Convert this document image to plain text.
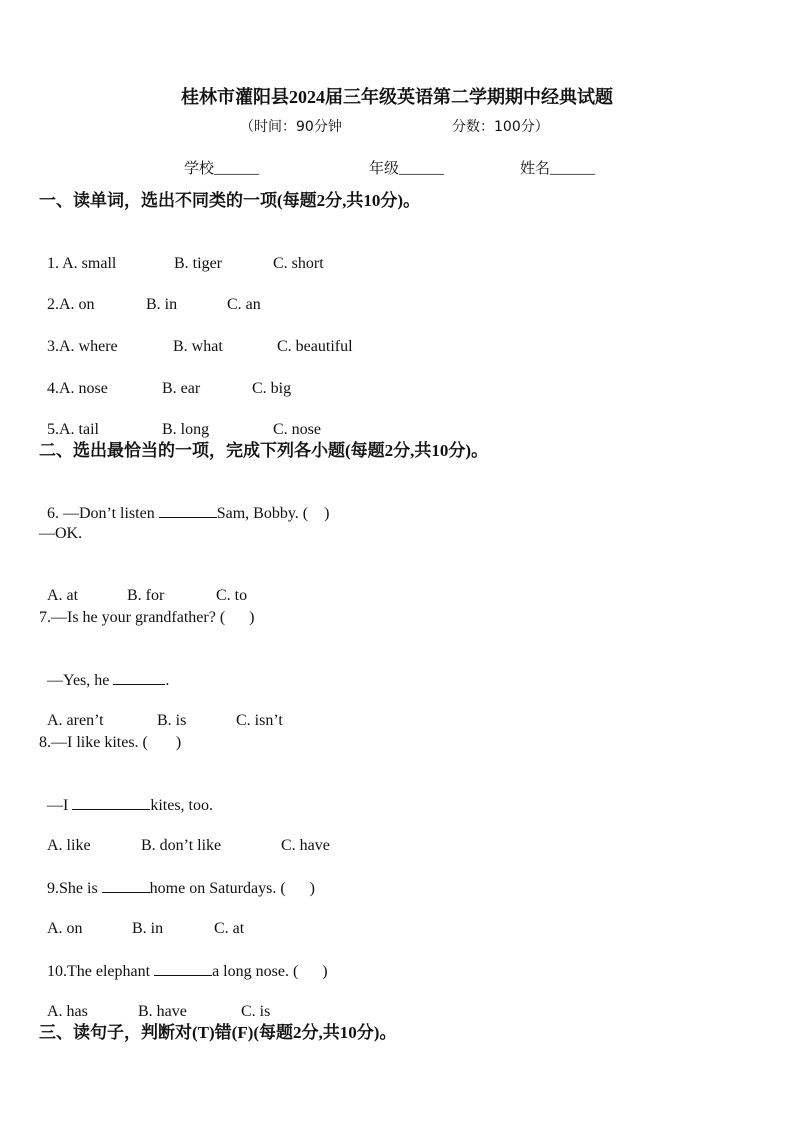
桂林市灌阳县2024届三年级英语第二学期期中经典试题
（时间：90分钟	分数：100分）
学校______	年级______	姓名______
一、读单词，选出不同类的一项(每题2分,共10分)。

1. A. small	B. tiger	C. short

2.A. on	B. in	C. an

3.A. where	B. what	C. beautiful

4.A. nose	B. ear	C. big

5.A. tail	B. long	C. nose

二、选出最恰当的一项，完成下列各小题(每题2分,共10分)。

6. —Don’t listen	Sam, Bobby. (    )

—OK.

A. at	B. for	C. to

7.—Is he your grandfather? (      )

—Yes, he	.

A. aren’t	B. is	C. isn’t

8.—I like kites. (       )

—I	kites, too.

A. like	B. don’t like	C. have

9.She is	home on Saturdays. (      )

A. on	B. in	C. at

10.The elephant	a long nose. (      )

A. has	B. have	C. is

三、读句子，判断对(T)错(F)(每题2分,共10分)。
